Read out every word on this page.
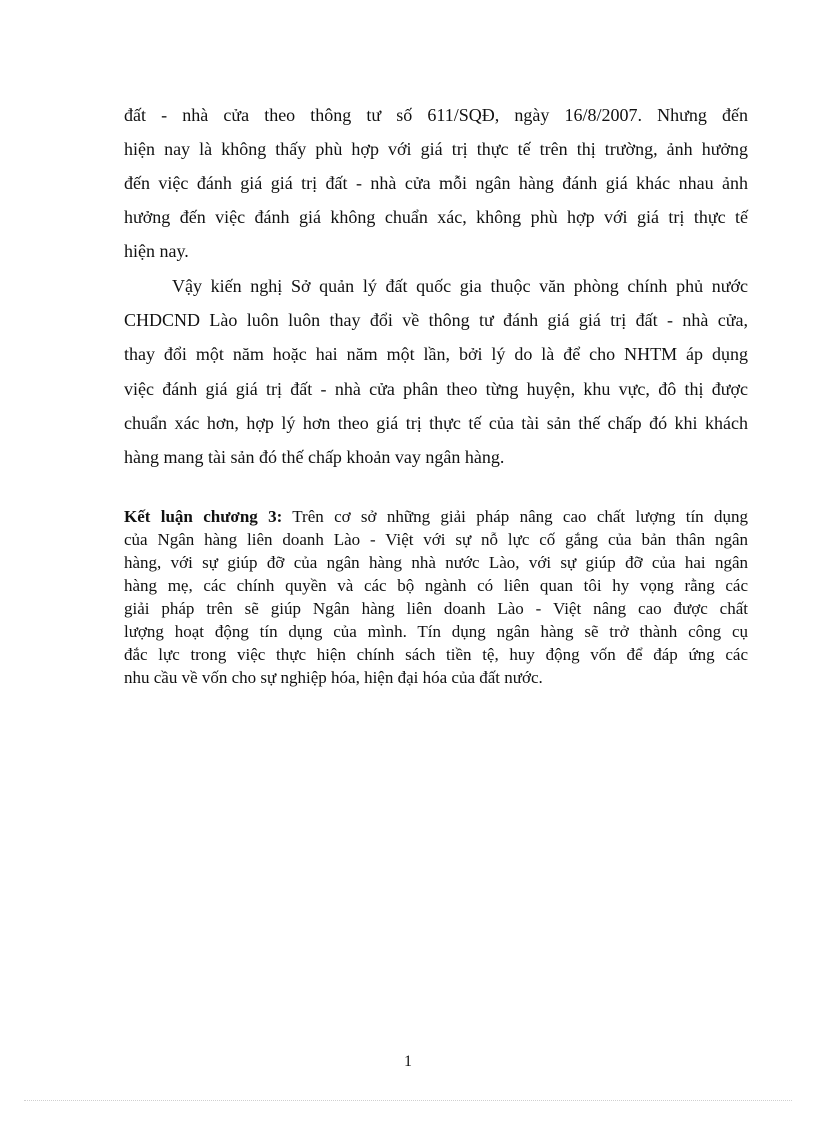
đất - nhà cửa theo thông tư số 611/SQĐ, ngày 16/8/2007. Nhưng đến

hiện nay là không thấy phù hợp với giá trị thực tế trên thị trường, ảnh hưởng

đến việc đánh giá giá trị đất - nhà cửa mỗi ngân hàng đánh giá khác nhau ảnh

hưởng đến việc đánh giá không chuẩn xác, không phù hợp với giá trị thực tế

hiện nay.

Vậy kiến nghị Sở quản lý đất quốc gia thuộc văn phòng chính phủ nước

CHDCND Lào luôn luôn thay đổi về thông tư đánh giá giá trị đất - nhà cửa,

thay đổi một năm hoặc hai năm một lần, bởi lý do là để cho NHTM áp dụng

việc đánh giá giá trị đất - nhà cửa phân theo từng huyện, khu vực, đô thị được

chuẩn xác hơn, hợp lý hơn theo giá trị thực tế của tài sản thế chấp đó khi khách

hàng mang tài sản đó thế chấp khoản vay ngân hàng.

Kết luận chương 3: Trên cơ sở những giải pháp nâng cao chất lượng tín dụng

của Ngân hàng liên doanh Lào - Việt với sự nỗ lực cố gắng của bản thân ngân

hàng, với sự giúp đỡ của ngân hàng nhà nước Lào, với sự giúp đỡ của hai ngân

hàng mẹ, các chính quyền và các bộ ngành có liên quan tôi hy vọng rằng các

giải pháp trên sẽ giúp Ngân hàng liên doanh Lào - Việt nâng cao được chất

lượng hoạt động tín dụng của mình. Tín dụng ngân hàng sẽ trở thành công cụ

đắc lực trong việc thực hiện chính sách tiền tệ, huy động vốn để đáp ứng các

nhu cầu về vốn cho sự nghiệp hóa, hiện đại hóa của đất nước.

1
